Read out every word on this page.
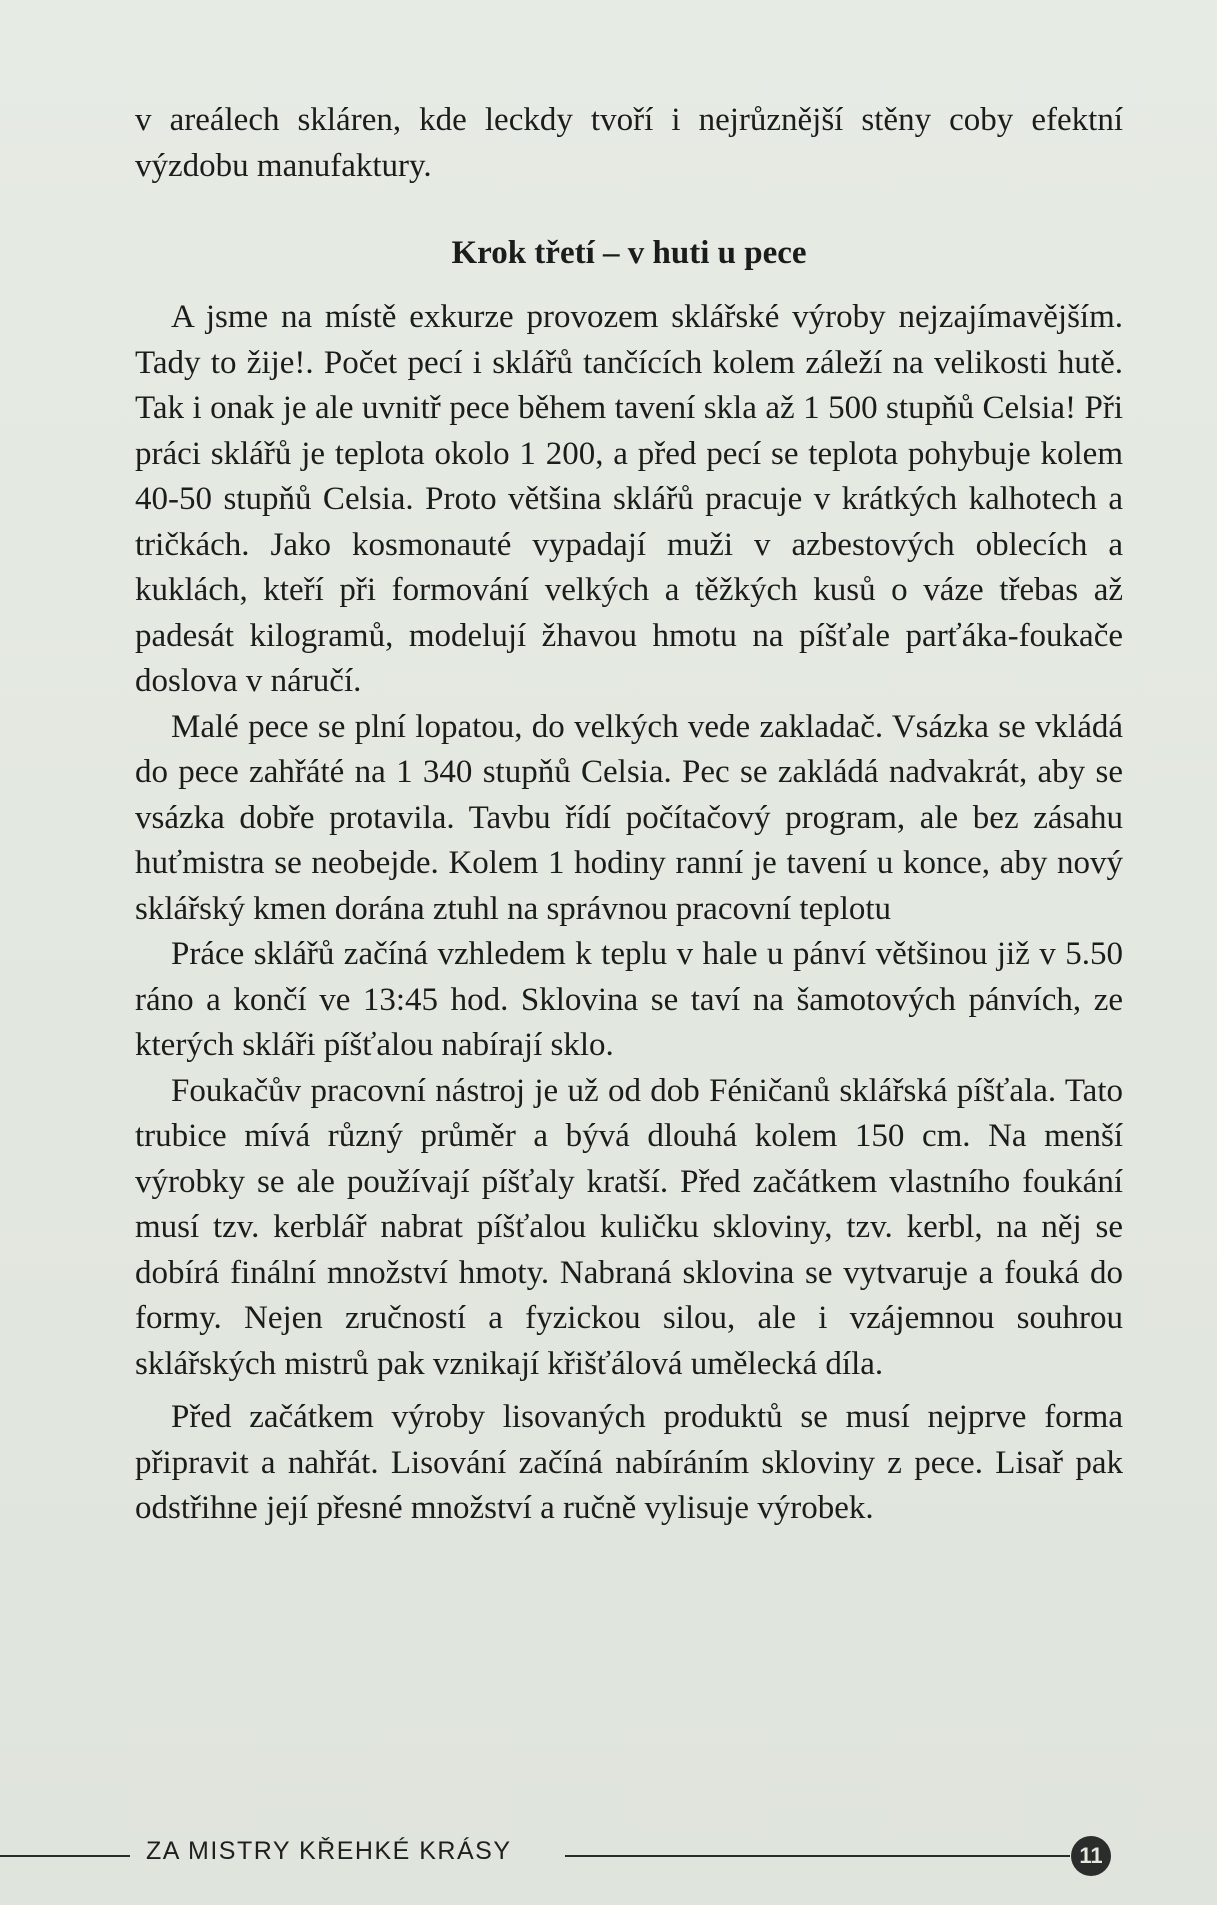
v areálech skláren, kde leckdy tvoří i nejrůznější stěny coby efektní výzdobu manufaktury.

Krok třetí – v huti u pece

A jsme na místě exkurze provozem sklářské výroby nejzajímavějším. Tady to žije!. Počet pecí i sklářů tančících kolem záleží na velikosti hutě. Tak i onak je ale uvnitř pece během tavení skla až 1 500 stupňů Celsia! Při práci sklářů je teplota okolo 1 200, a před pecí se teplota pohybuje kolem 40-50 stupňů Celsia. Proto většina sklářů pracuje v krátkých kalhotech a tričkách. Jako kosmonauté vypadají muži v azbestových oblecích a kuklách, kteří při formování velkých a těžkých kusů o váze třebas až padesát kilogramů, modelují žhavou hmotu na píšťale parťáka-foukače doslova v náručí.

Malé pece se plní lopatou, do velkých vede zakladač. Vsázka se vkládá do pece zahřáté na 1 340 stupňů Celsia. Pec se zakládá nadvakrát, aby se vsázka dobře protavila. Tavbu řídí počítačový program, ale bez zásahu huťmistra se neobejde. Kolem 1 hodiny ranní je tavení u konce, aby nový sklářský kmen dorána ztuhl na správnou pracovní teplotu

Práce sklářů začíná vzhledem k teplu v hale u pánví většinou již v 5.50 ráno a končí ve 13:45 hod. Sklovina se taví na šamotových pánvích, ze kterých skláři píšťalou nabírají sklo.

Foukačův pracovní nástroj je už od dob Féničanů sklářská píšťala. Tato trubice mívá různý průměr a bývá dlouhá kolem 150 cm. Na menší výrobky se ale používají píšťaly kratší. Před začátkem vlastního foukání musí tzv. kerblář nabrat píšťalou kuličku skloviny, tzv. kerbl, na něj se dobírá finální množství hmoty. Nabraná sklovina se vytvaruje a fouká do formy. Nejen zručností a fyzickou silou, ale i vzájemnou souhrou sklářských mistrů pak vznikají křišťálová umělecká díla.

Před začátkem výroby lisovaných produktů se musí nejprve forma připravit a nahřát. Lisování začíná nabíráním skloviny z pece. Lisař pak odstřihne její přesné množství a ručně vylisuje výrobek.

ZA MISTRY KŘEHKÉ KRÁSY	11
